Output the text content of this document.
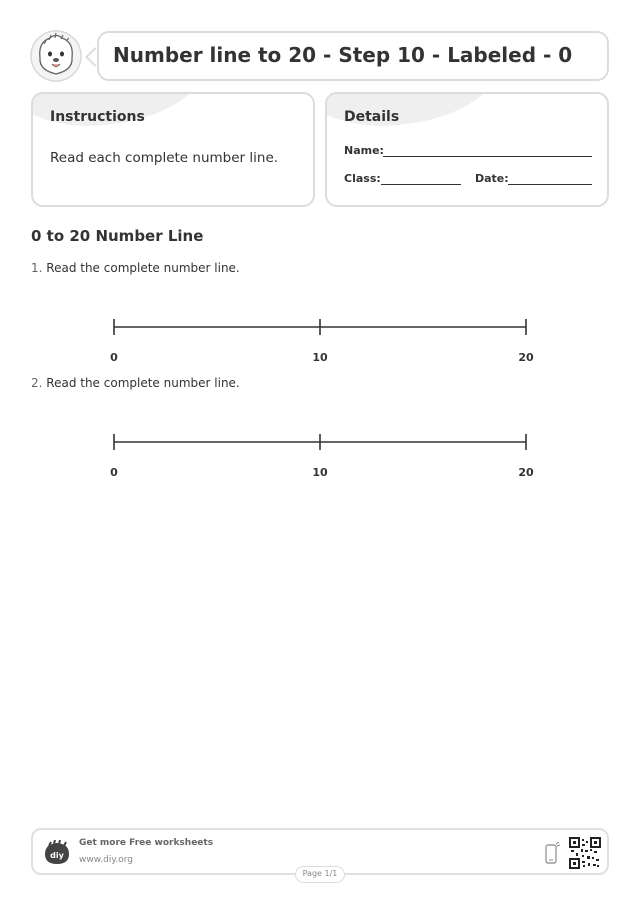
Number line to 20 - Step 10 - Labeled - 0
Instructions
Read each complete number line.
Details
Name:
Class:	Date:
0 to 20 Number Line
1. Read the complete number line.
0	10	20
2. Read the complete number line.
0	10	20
diy
Get more Free worksheets
www.diy.org
Page 1/1
